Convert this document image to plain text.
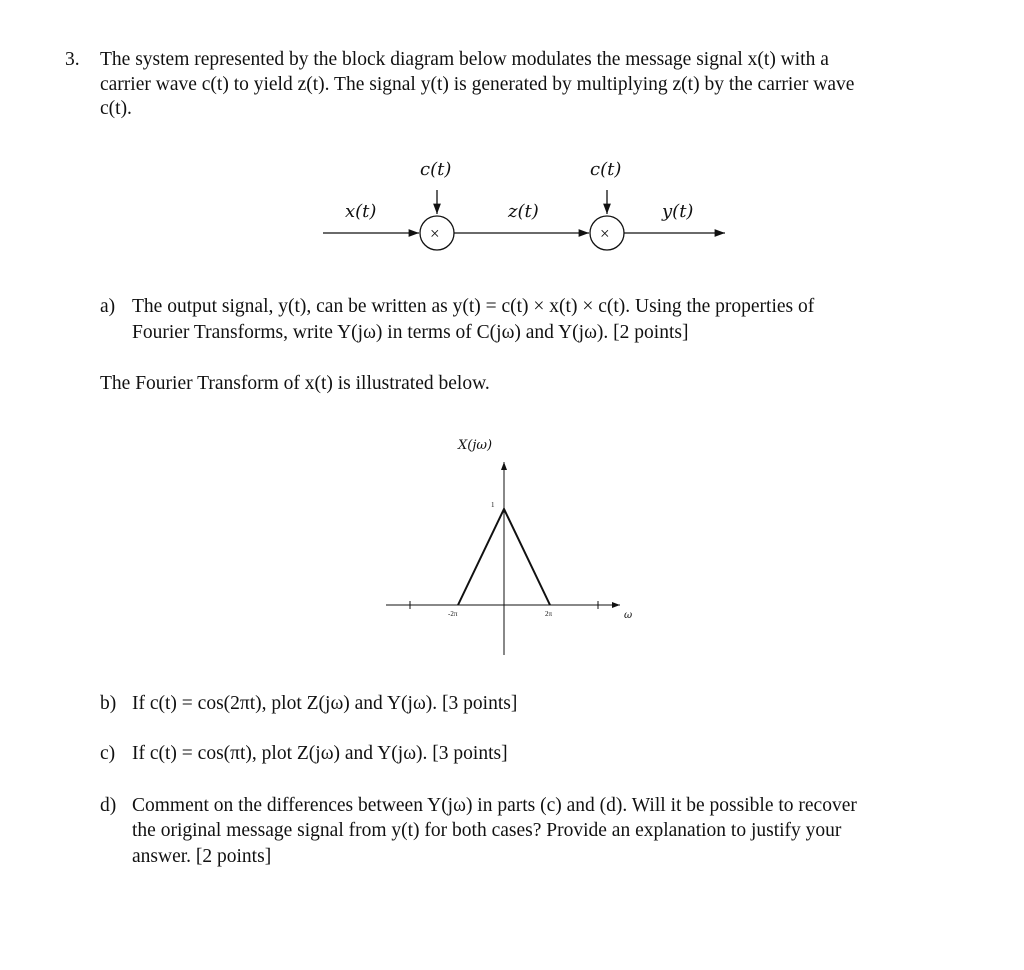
3. The system represented by the block diagram below modulates the message signal x(t) with a
carrier wave c(t) to yield z(t). The signal y(t) is generated by multiplying z(t) by the carrier wave
c(t).
x(t)
c(t)
×
z(t)
c(t)
×
y(t)
a) The output signal, y(t), can be written as y(t) = c(t) × x(t) × c(t). Using the properties of
Fourier Transforms, write Y(jω) in terms of C(jω) and Y(jω). [2 points]
The Fourier Transform of x(t) is illustrated below.
X(jω)
1
-2π	2π	ω
b) If c(t) = cos(2πt), plot Z(jω) and Y(jω). [3 points]
c) If c(t) = cos(πt), plot Z(jω) and Y(jω). [3 points]
d) Comment on the differences between Y(jω) in parts (c) and (d). Will it be possible to recover
the original message signal from y(t) for both cases? Provide an explanation to justify your
answer. [2 points]
